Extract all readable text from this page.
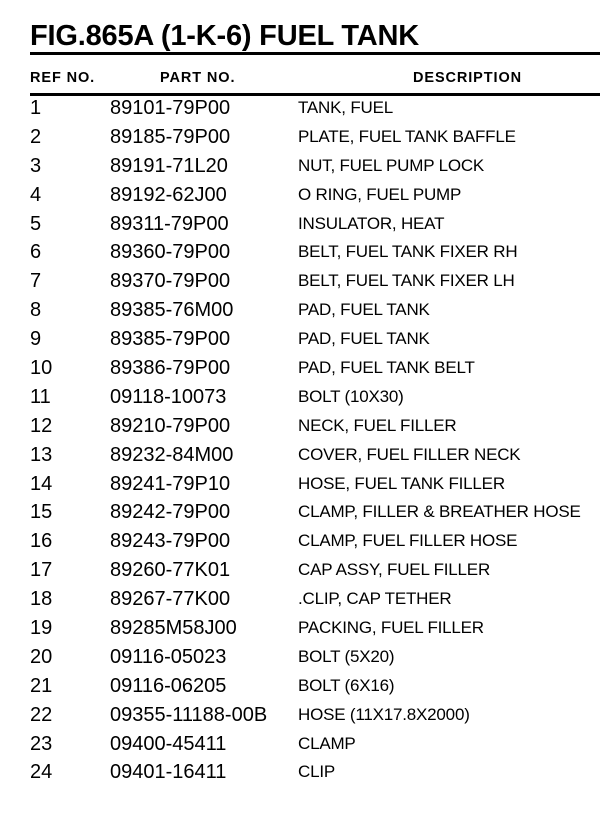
FIG.865A (1-K-6) FUEL TANK
REF NO.	PART NO.	DESCRIPTION
1	89101-79P00	TANK, FUEL
2	89185-79P00	PLATE, FUEL TANK BAFFLE
3	89191-71L20	NUT, FUEL PUMP LOCK
4	89192-62J00	O RING, FUEL PUMP
5	89311-79P00	INSULATOR, HEAT
6	89360-79P00	BELT, FUEL TANK FIXER RH
7	89370-79P00	BELT, FUEL TANK FIXER LH
8	89385-76M00	PAD, FUEL TANK
9	89385-79P00	PAD, FUEL TANK
10	89386-79P00	PAD, FUEL TANK BELT
11	09118-10073	BOLT (10X30)
12	89210-79P00	NECK, FUEL FILLER
13	89232-84M00	COVER, FUEL FILLER NECK
14	89241-79P10	HOSE, FUEL TANK FILLER
15	89242-79P00	CLAMP, FILLER & BREATHER HOSE
16	89243-79P00	CLAMP, FUEL FILLER HOSE
17	89260-77K01	CAP ASSY, FUEL FILLER
18	89267-77K00	.CLIP, CAP TETHER
19	89285M58J00	PACKING, FUEL FILLER
20	09116-05023	BOLT (5X20)
21	09116-06205	BOLT (6X16)
22	09355-11188-00B HOSE (11X17.8X2000)
23	09400-45411	CLAMP
24	09401-16411	CLIP
